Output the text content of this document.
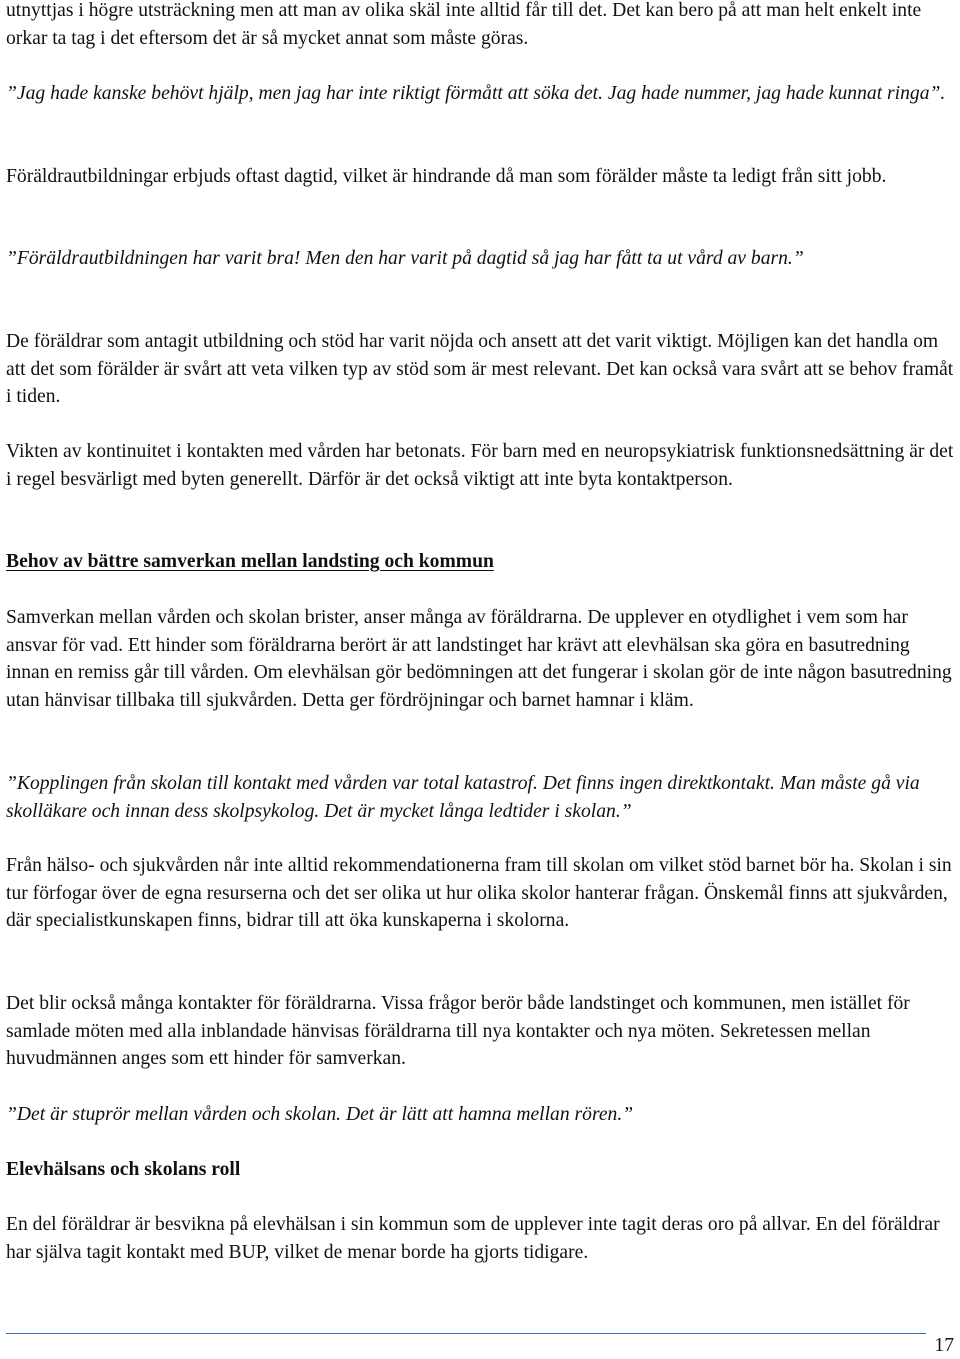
utnyttjas i högre utsträckning men att man av olika skäl inte alltid får till det. Det kan bero på att man helt enkelt inte orkar ta tag i det eftersom det är så mycket annat som måste göras.

”Jag hade kanske behövt hjälp, men jag har inte riktigt förmått att söka det. Jag hade nummer, jag hade kunnat ringa”.

Föräldrautbildningar erbjuds oftast dagtid, vilket är hindrande då man som förälder måste ta ledigt från sitt jobb.

”Föräldrautbildningen har varit bra! Men den har varit på dagtid så jag har fått ta ut vård av barn.”

De föräldrar som antagit utbildning och stöd har varit nöjda och ansett att det varit viktigt. Möjligen kan det handla om att det som förälder är svårt att veta vilken typ av stöd som är mest relevant. Det kan också vara svårt att se behov framåt i tiden.

Vikten av kontinuitet i kontakten med vården har betonats. För barn med en neuropsykiatrisk funktionsnedsättning är det i regel besvärligt med byten generellt. Därför är det också viktigt att inte byta kontaktperson.

Behov av bättre samverkan mellan landsting och kommun

Samverkan mellan vården och skolan brister, anser många av föräldrarna. De upplever en otydlighet i vem som har ansvar för vad. Ett hinder som föräldrarna berört är att landstinget har krävt att elevhälsan ska göra en basutredning innan en remiss går till vården. Om elevhälsan gör bedömningen att det fungerar i skolan gör de inte någon basutredning utan hänvisar tillbaka till sjukvården. Detta ger fördröjningar och barnet hamnar i kläm.

”Kopplingen från skolan till kontakt med vården var total katastrof. Det finns ingen direktkontakt. Man måste gå via skolläkare och innan dess skolpsykolog. Det är mycket långa ledtider i skolan.”

Från hälso- och sjukvården når inte alltid rekommendationerna fram till skolan om vilket stöd barnet bör ha. Skolan i sin tur förfogar över de egna resurserna och det ser olika ut hur olika skolor hanterar frågan. Önskemål finns att sjukvården, där specialistkunskapen finns, bidrar till att öka kunskaperna i skolorna.

Det blir också många kontakter för föräldrarna. Vissa frågor berör både landstinget och kommunen, men istället för samlade möten med alla inblandade hänvisas föräldrarna till nya kontakter och nya möten. Sekretessen mellan huvudmännen anges som ett hinder för samverkan.

”Det är stuprör mellan vården och skolan. Det är lätt att hamna mellan rören.”

Elevhälsans och skolans roll

En del föräldrar är besvikna på elevhälsan i sin kommun som de upplever inte tagit deras oro på allvar. En del föräldrar har själva tagit kontakt med BUP, vilket de menar borde ha gjorts tidigare.

17
